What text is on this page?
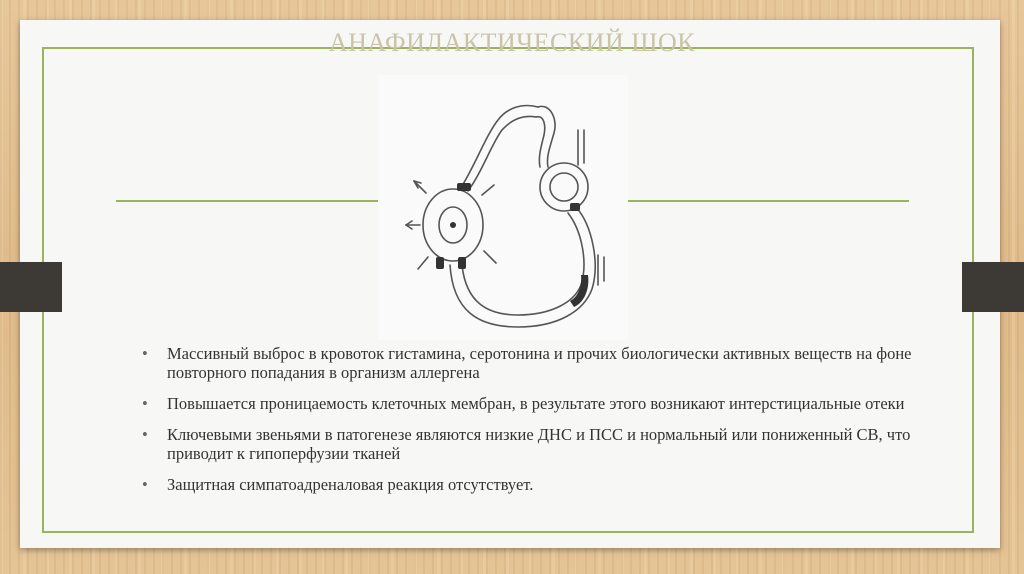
АНАФИЛАКТИЧЕСКИЙ ШОК
• Массивный выброс в кровоток гистамина, серотонина и прочих биологически активных веществ на фоне повторного попадания в организм аллергена
• Повышается проницаемость клеточных мембран, в результате этого возникают интерстициальные отеки
• Ключевыми звеньями в патогенезе являются низкие ДНС и ПСС и нормальный или пониженный СВ, что приводит к гипоперфузии тканей
• Защитная симпатоадреналовая реакция отсутствует.
